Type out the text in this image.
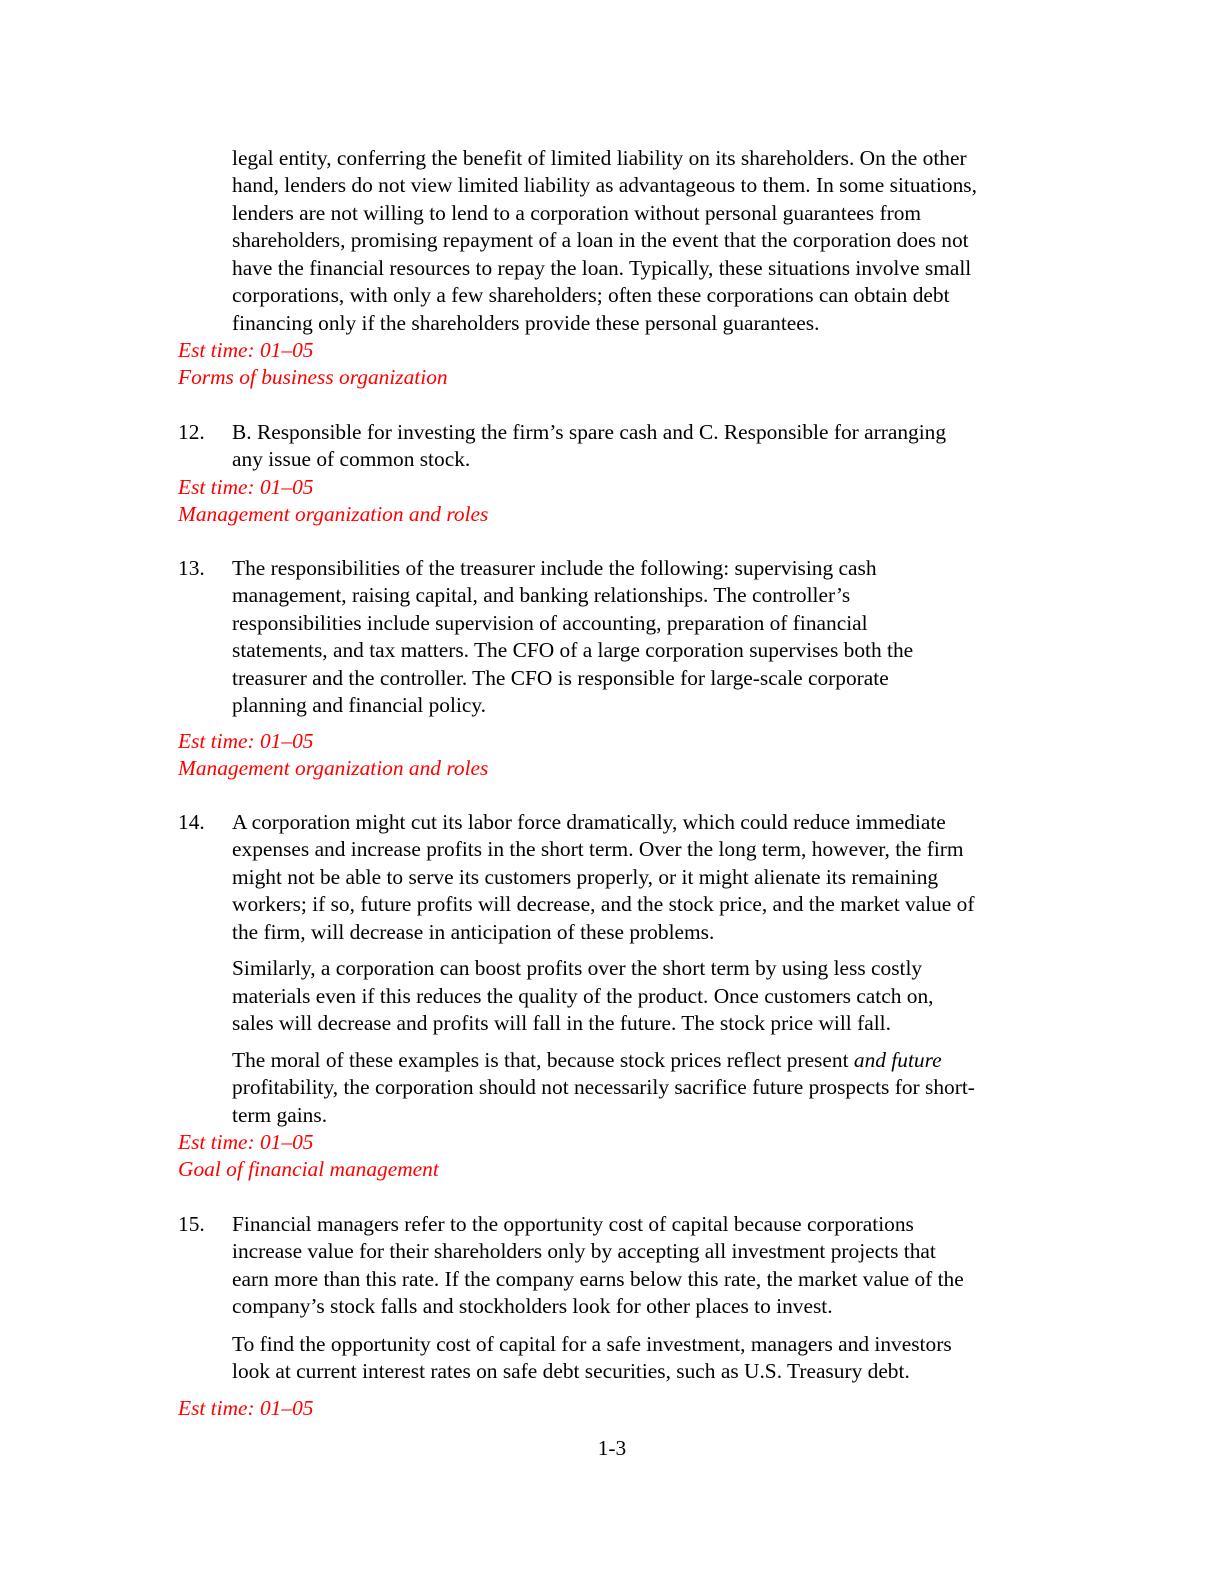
legal entity, conferring the benefit of limited liability on its shareholders. On the other

hand, lenders do not view limited liability as advantageous to them. In some situations,

lenders are not willing to lend to a corporation without personal guarantees from

shareholders, promising repayment of a loan in the event that the corporation does not

have the financial resources to repay the loan. Typically, these situations involve small

corporations, with only a few shareholders; often these corporations can obtain debt

financing only if the shareholders provide these personal guarantees.

Est time: 01–05

Forms of business organization

12. B. Responsible for investing the firm’s spare cash and C. Responsible for arranging

any issue of common stock.

Est time: 01–05

Management organization and roles

13. The responsibilities of the treasurer include the following: supervising cash

management, raising capital, and banking relationships. The controller’s

responsibilities include supervision of accounting, preparation of financial

statements, and tax matters. The CFO of a large corporation supervises both the

treasurer and the controller. The CFO is responsible for large-scale corporate

planning and financial policy.

Est time: 01–05

Management organization and roles

14. A corporation might cut its labor force dramatically, which could reduce immediate

expenses and increase profits in the short term. Over the long term, however, the firm

might not be able to serve its customers properly, or it might alienate its remaining

workers; if so, future profits will decrease, and the stock price, and the market value of

the firm, will decrease in anticipation of these problems.

Similarly, a corporation can boost profits over the short term by using less costly

materials even if this reduces the quality of the product. Once customers catch on,

sales will decrease and profits will fall in the future. The stock price will fall.

The moral of these examples is that, because stock prices reflect present and future

profitability, the corporation should not necessarily sacrifice future prospects for short-

term gains.

Est time: 01–05

Goal of financial management

15. Financial managers refer to the opportunity cost of capital because corporations

increase value for their shareholders only by accepting all investment projects that

earn more than this rate. If the company earns below this rate, the market value of the

company’s stock falls and stockholders look for other places to invest.

To find the opportunity cost of capital for a safe investment, managers and investors

look at current interest rates on safe debt securities, such as U.S. Treasury debt.

Est time: 01–05

1-3
